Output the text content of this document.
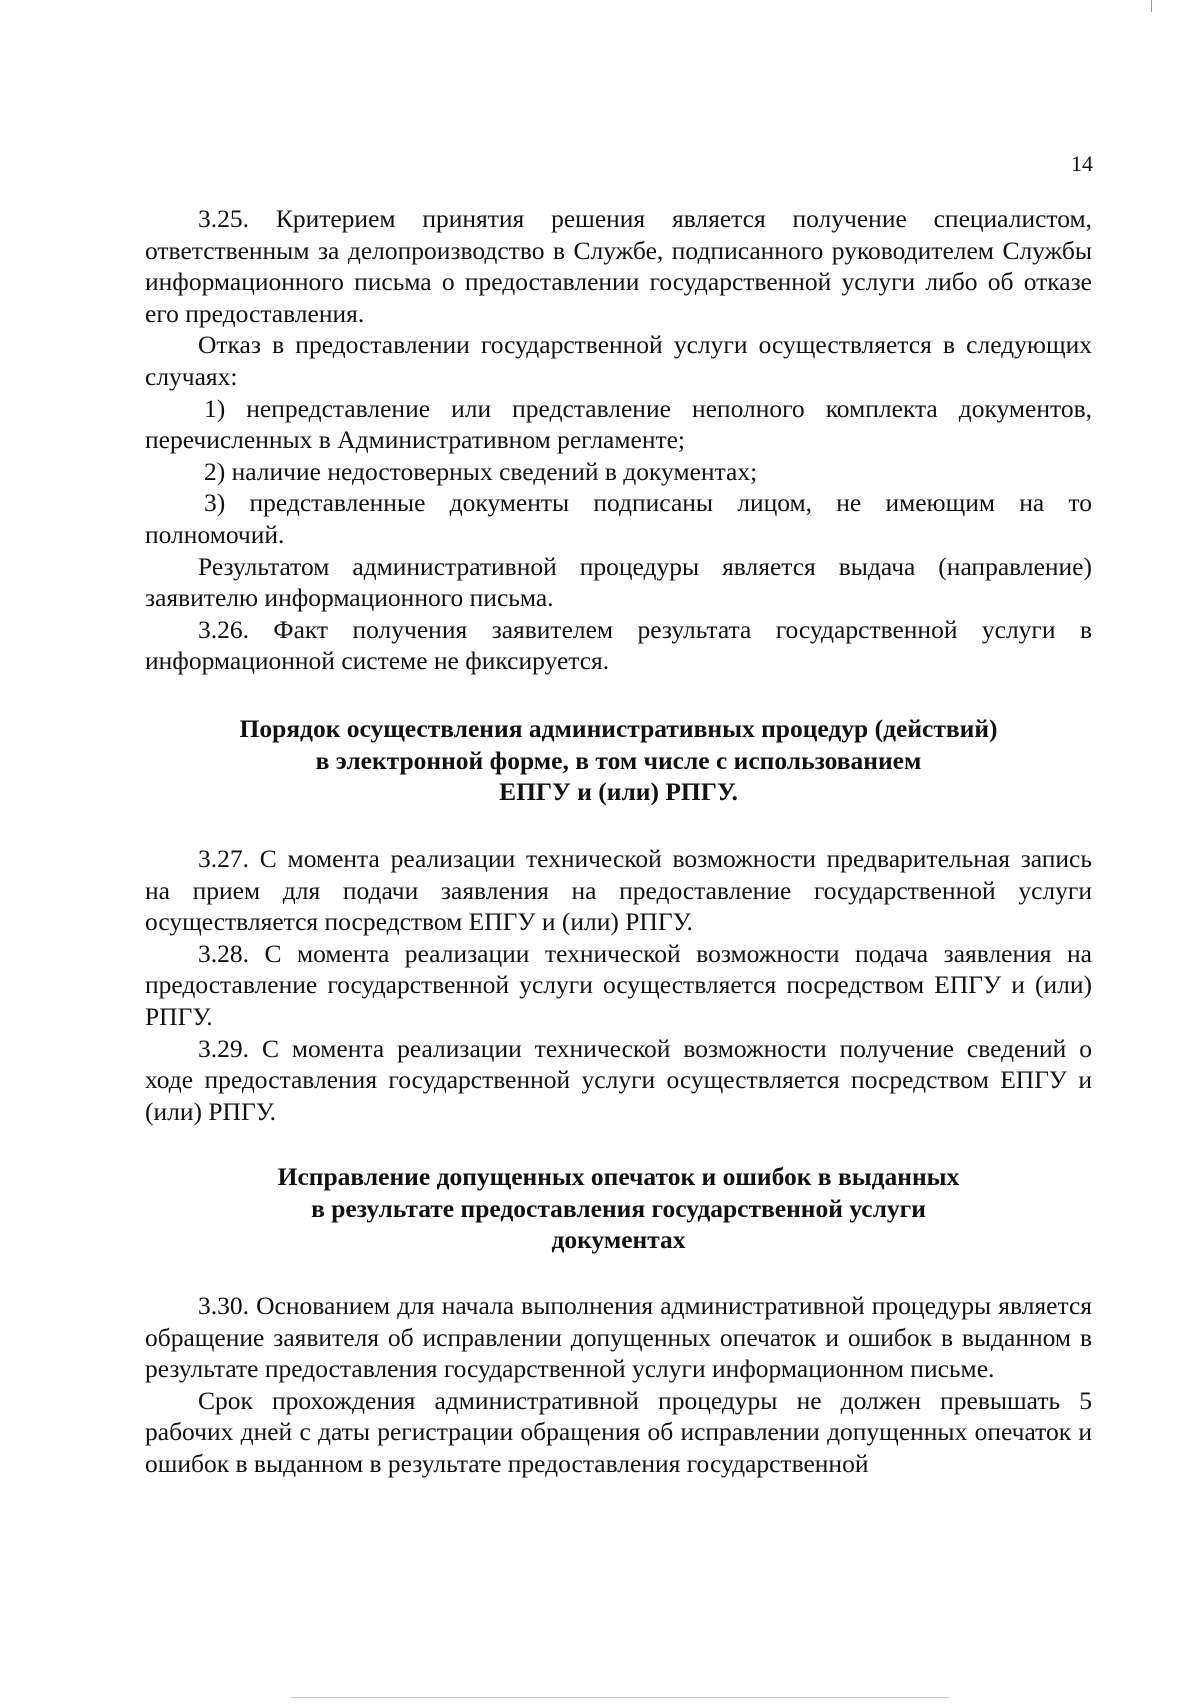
14

3.25. Критерием принятия решения является получение специалистом, ответственным за делопроизводство в Службе, подписанного руководителем Службы информационного письма о предоставлении государственной услуги либо об отказе его предоставления.

Отказ в предоставлении государственной услуги осуществляется в следующих случаях:

1) непредставление или представление неполного комплекта документов, перечисленных в Административном регламенте;

2) наличие недостоверных сведений в документах;

3) представленные документы подписаны лицом, не имеющим на то полномочий.

Результатом административной процедуры является выдача (направление) заявителю информационного письма.

3.26. Факт получения заявителем результата государственной услуги в информационной системе не фиксируется.

Порядок осуществления административных процедур (действий)
в электронной форме, в том числе с использованием
ЕПГУ и (или) РПГУ.

3.27. С момента реализации технической возможности предварительная запись на прием для подачи заявления на предоставление государственной услуги осуществляется посредством ЕПГУ и (или) РПГУ.

3.28. С момента реализации технической возможности подача заявления на предоставление государственной услуги осуществляется посредством ЕПГУ и (или) РПГУ.

3.29. С момента реализации технической возможности получение сведений о ходе предоставления государственной услуги осуществляется посредством ЕПГУ и (или) РПГУ.

Исправление допущенных опечаток и ошибок в выданных
в результате предоставления государственной услуги
документах

3.30. Основанием для начала выполнения административной процедуры является обращение заявителя об исправлении допущенных опечаток и ошибок в выданном в результате предоставления государственной услуги информационном письме.

Срок прохождения административной процедуры не должен превышать 5 рабочих дней с даты регистрации обращения об исправлении допущенных опечаток и ошибок в выданном в результате предоставления государственной
